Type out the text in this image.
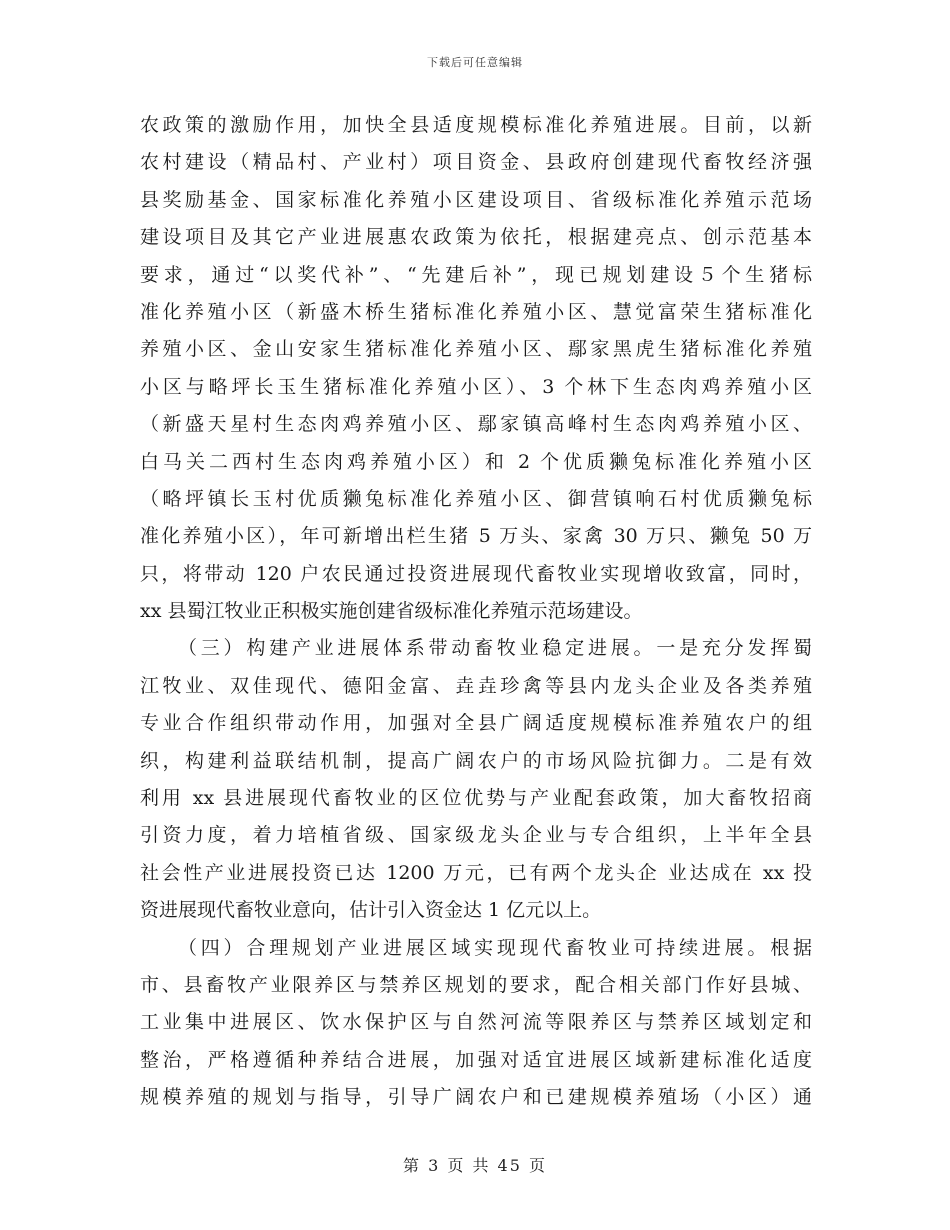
下载后可任意编辑
农政策的激励作用，加快全县适度规模标准化养殖进展。目前，以新
农村建设（精品村、产业村）项目资金、县政府创建现代畜牧经济强
县奖励基金、国家标准化养殖小区建设项目、省级标准化养殖示范场
建设项目及其它产业进展惠农政策为依托，根据建亮点、创示范基本
要求，通过“以奖代补”、“先建后补”，现已规划建设５个生猪标
准化养殖小区（新盛木桥生猪标准化养殖小区、慧觉富荣生猪标准化
养殖小区、金山安家生猪标准化养殖小区、鄢家黑虎生猪标准化养殖
小区与略坪长玉生猪标准化养殖小区）、3 个林下生态肉鸡养殖小区
（新盛天星村生态肉鸡养殖小区、鄢家镇高峰村生态肉鸡养殖小区、
白马关二西村生态肉鸡养殖小区）和 2 个优质獭兔标准化养殖小区
（略坪镇长玉村优质獭兔标准化养殖小区、御营镇响石村优质獭兔标
准化养殖小区），年可新增出栏生猪 5 万头、家禽 30 万只、獭兔 50 万
只，将带动 120 户农民通过投资进展现代畜牧业实现增收致富，同时，
xx 县蜀江牧业正积极实施创建省级标准化养殖示范场建设。
（三）构建产业进展体系带动畜牧业稳定进展。一是充分发挥蜀
江牧业、双佳现代、德阳金富、垚垚珍禽等县内龙头企业及各类养殖
专业合作组织带动作用，加强对全县广阔适度规模标准养殖农户的组
织，构建利益联结机制，提高广阔农户的市场风险抗御力。二是有效
利用 xx 县进展现代畜牧业的区位优势与产业配套政策，加大畜牧招商
引资力度，着力培植省级、国家级龙头企业与专合组织，上半年全县
社会性产业进展投资已达 1200 万元，已有两个龙头企 业达成在 xx 投
资进展现代畜牧业意向，估计引入资金达 1 亿元以上。
（四）合理规划产业进展区域实现现代畜牧业可持续进展。根据
市、县畜牧产业限养区与禁养区规划的要求，配合相关部门作好县城、
工业集中进展区、饮水保护区与自然河流等限养区与禁养区域划定和
整治，严格遵循种养结合进展，加强对适宜进展区域新建标准化适度
规模养殖的规划与指导，引导广阔农户和已建规模养殖场（小区）通
第 3 页 共 45 页
